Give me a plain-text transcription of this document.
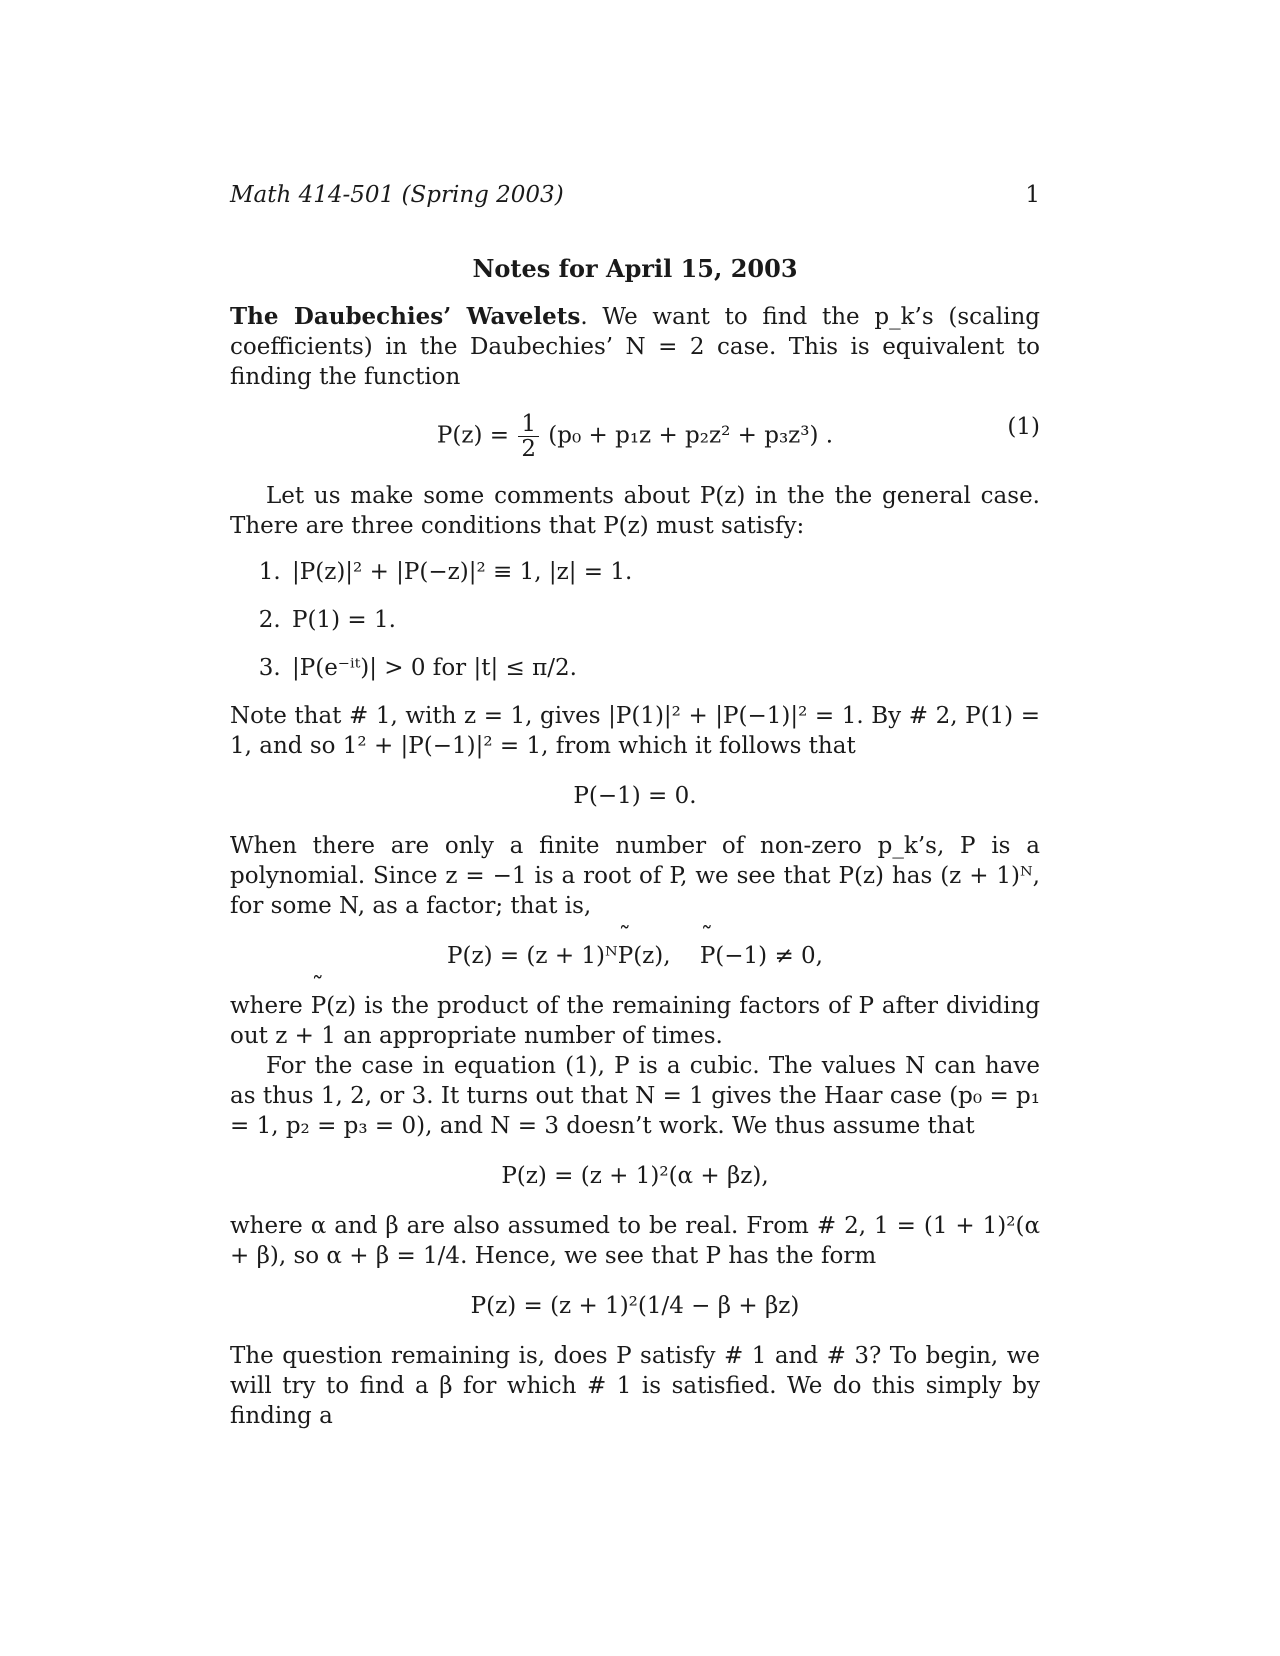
Math 414-501 (Spring 2003)	1
Notes for April 15, 2003

The Daubechies’ Wavelets. We want to find the p_k’s (scaling coefficients) in the Daubechies’ N = 2 case. This is equivalent to finding the function

$P(z) = \frac{1}{2} (p_0 + p_1z + p_2z^2 + p_3z^3)$ .	(1)

Let us make some comments about P(z) in the the general case. There are three conditions that P(z) must satisfy:

1. |P(z)|² + |P(−z)|² ≡ 1, |z| = 1.
2. P(1) = 1.
3. |P(e⁻ⁱᵗ)| > 0 for |t| ≤ π/2.

Note that # 1, with z = 1, gives |P(1)|² + |P(−1)|² = 1. By # 2, P(1) = 1, and so 1² + |P(−1)|² = 1, from which it follows that

P(−1) = 0.

When there are only a finite number of non-zero p_k’s, P is a polynomial. Since z = −1 is a root of P, we see that P(z) has (z + 1)ᴺ, for some N, as a factor; that is,

P(z) = (z + 1)ᴺ˜ P(z), ˜ P(−1) ≠ 0,

where ˜ P(z) is the product of the remaining factors of P after dividing out z + 1 an appropriate number of times.

For the case in equation (1), P is a cubic. The values N can have as thus 1, 2, or 3. It turns out that N = 1 gives the Haar case (p₀ = p₁ = 1, p₂ = p₃ = 0), and N = 3 doesn’t work. We thus assume that

P(z) = (z + 1)²(α + βz),

where α and β are also assumed to be real. From # 2, 1 = (1 + 1)²(α + β), so α + β = 1/4. Hence, we see that P has the form

P(z) = (z + 1)²(1/4 − β + βz)

The question remaining is, does P satisfy # 1 and # 3? To begin, we will try to find a β for which # 1 is satisfied. We do this simply by finding a
